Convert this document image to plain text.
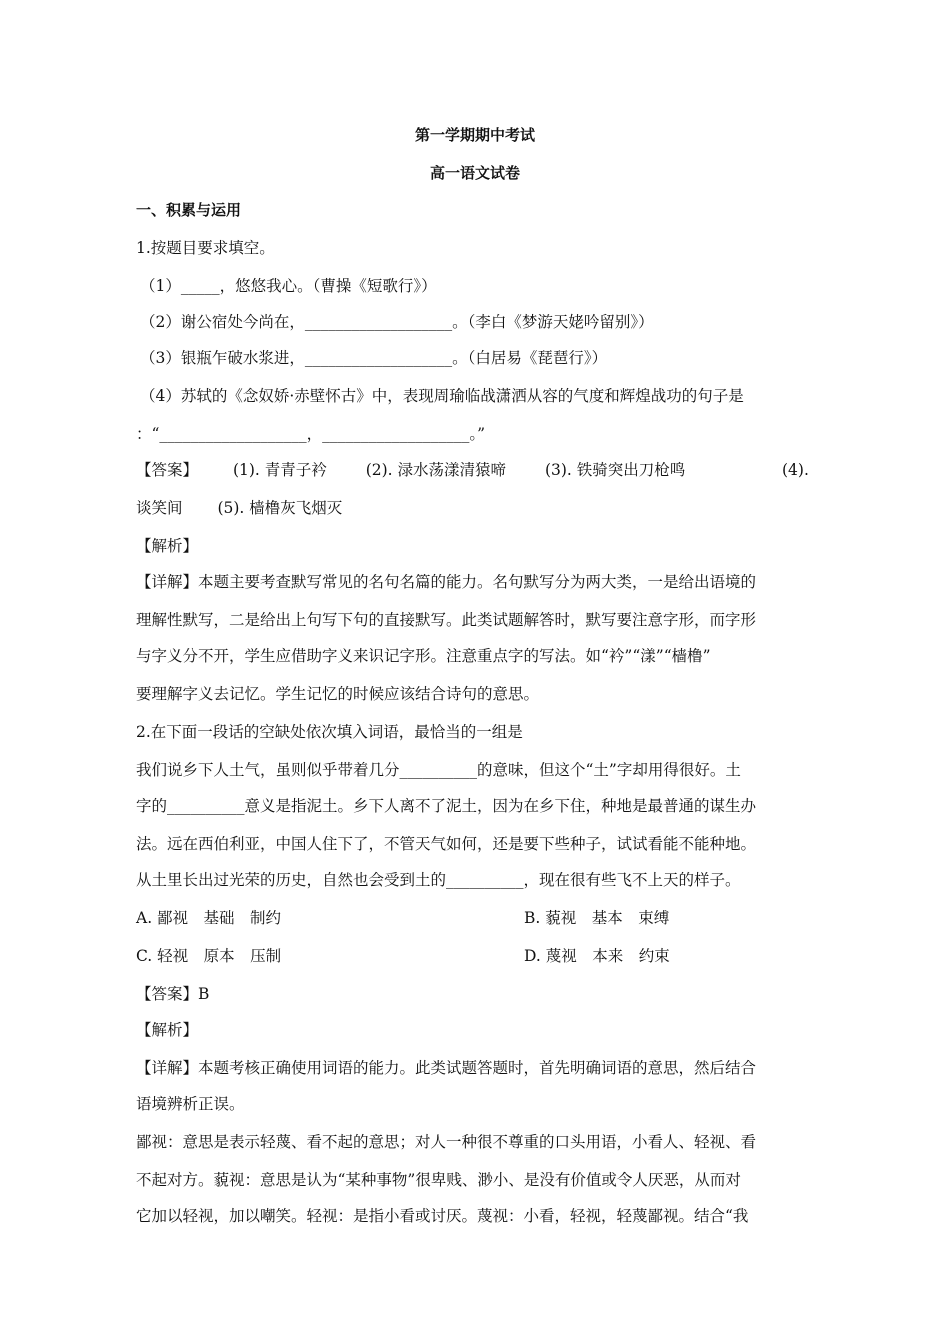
第一学期期中考试
高一语文试卷
一、积累与运用
1.按题目要求填空。
（1）_____，悠悠我心。（曹操《短歌行》）
（2）谢公宿处今尚在，___________________。（李白《梦游天姥吟留别》）
（3）银瓶乍破水浆进，___________________。（白居易《琵琶行》）
（4）苏轼的《念奴娇·赤壁怀古》中，表现周瑜临战潇洒从容的气度和辉煌战功的句子是
：“___________________，___________________。”
【答案】 (1). 青青子衿	(2). 渌水荡漾清猿啼	(3). 铁骑突出刀枪鸣	(4).
谈笑间 (5). 樯橹灰飞烟灭
【解析】
【详解】本题主要考查默写常见的名句名篇的能力。名句默写分为两大类，一是给出语境的
理解性默写，二是给出上句写下句的直接默写。此类试题解答时，默写要注意字形，而字形
与字义分不开，学生应借助字义来识记字形。注意重点字的写法。如“衿”“漾”“樯橹”
要理解字义去记忆。学生记忆的时候应该结合诗句的意思。
2.在下面一段话的空缺处依次填入词语，最恰当的一组是
我们说乡下人土气，虽则似乎带着几分__________的意味，但这个“土”字却用得很好。土
字的__________意义是指泥土。乡下人离不了泥土，因为在乡下住，种地是最普通的谋生办
法。远在西伯利亚，中国人住下了，不管天气如何，还是要下些种子，试试看能不能种地。
从土里长出过光荣的历史，自然也会受到土的__________，现在很有些飞不上天的样子。
A. 鄙视　基础　制约	B. 藐视　基本　束缚
C. 轻视　原本　压制	D. 蔑视　本来　约束
【答案】B
【解析】
【详解】本题考核正确使用词语的能力。此类试题答题时，首先明确词语的意思，然后结合
语境辨析正误。
鄙视：意思是表示轻蔑、看不起的意思；对人一种很不尊重的口头用语，小看人、轻视、看
不起对方。藐视：意思是认为“某种事物”很卑贱、渺小、是没有价值或令人厌恶，从而对
它加以轻视，加以嘲笑。轻视：是指小看或讨厌。蔑视：小看，轻视，轻蔑鄙视。结合“我
